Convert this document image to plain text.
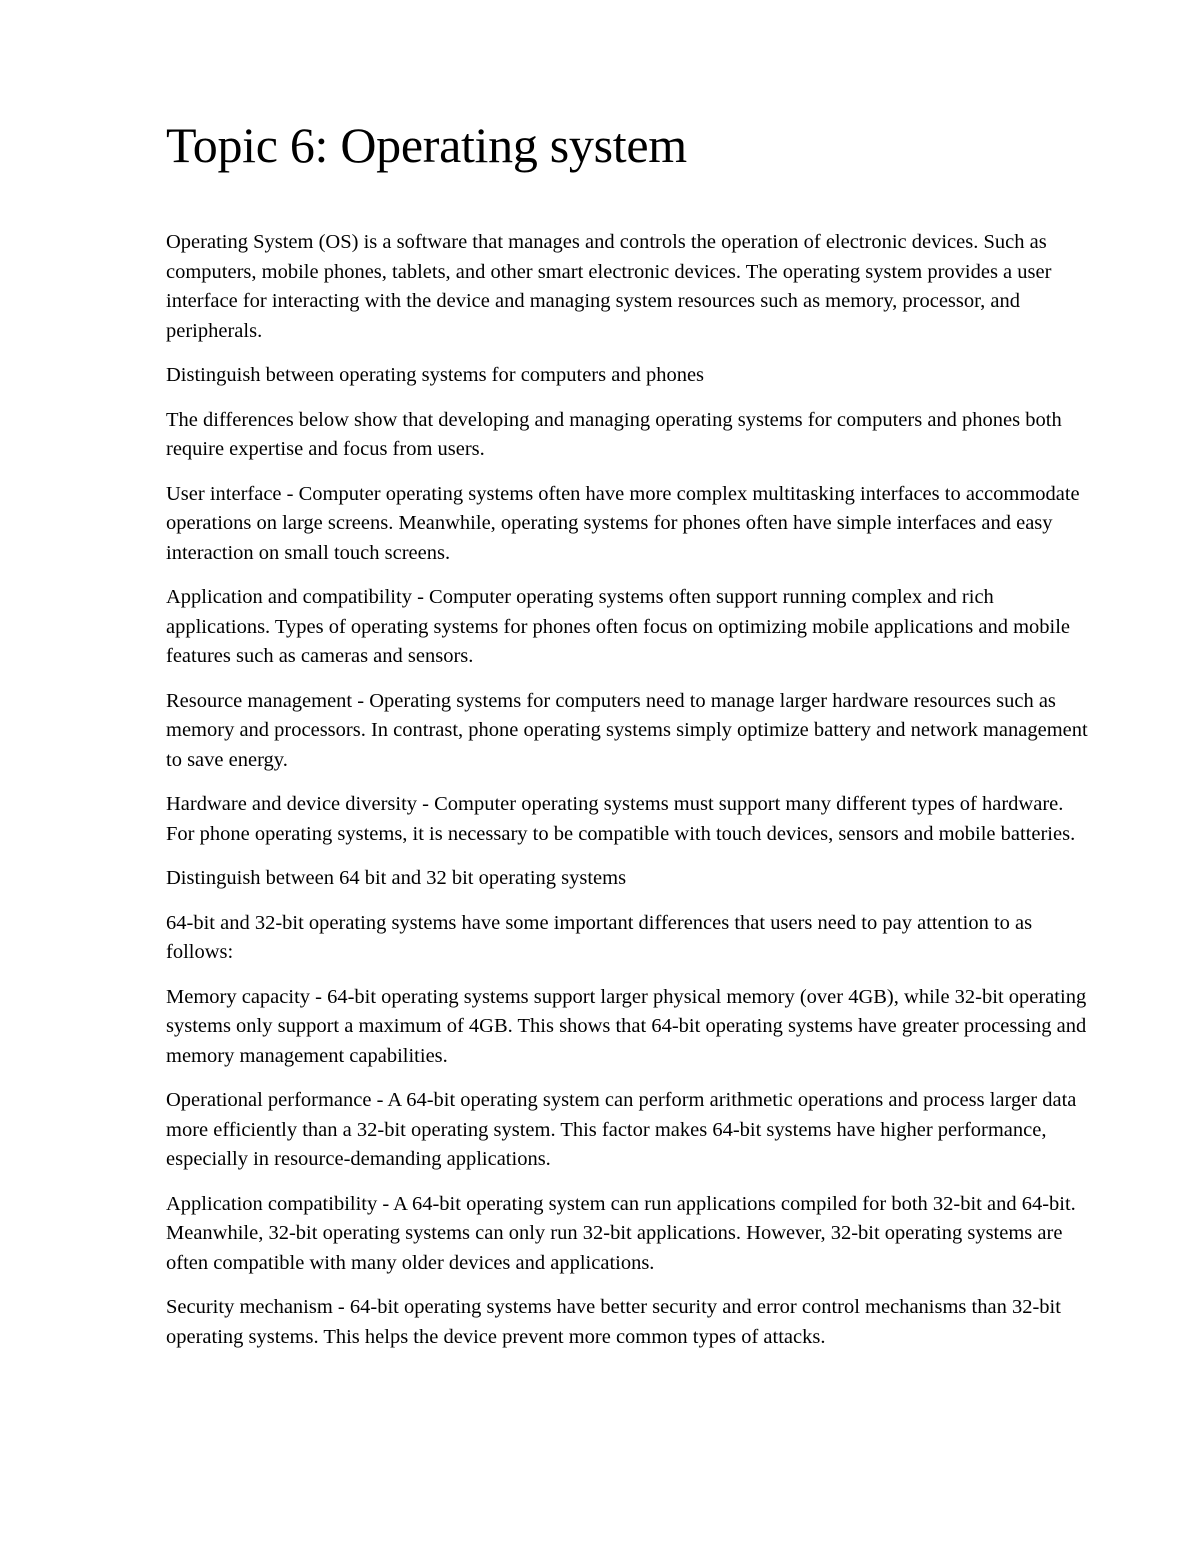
Topic 6: Operating system

Operating System (OS) is a software that manages and controls the operation of electronic devices. Such as computers, mobile phones, tablets, and other smart electronic devices. The operating system provides a user interface for interacting with the device and managing system resources such as memory, processor, and peripherals.

Distinguish between operating systems for computers and phones

The differences below show that developing and managing operating systems for computers and phones both require expertise and focus from users.

User interface - Computer operating systems often have more complex multitasking interfaces to accommodate operations on large screens. Meanwhile, operating systems for phones often have simple interfaces and easy interaction on small touch screens.

Application and compatibility - Computer operating systems often support running complex and rich applications. Types of operating systems for phones often focus on optimizing mobile applications and mobile features such as cameras and sensors.

Resource management - Operating systems for computers need to manage larger hardware resources such as memory and processors. In contrast, phone operating systems simply optimize battery and network management to save energy.

Hardware and device diversity - Computer operating systems must support many different types of hardware. For phone operating systems, it is necessary to be compatible with touch devices, sensors and mobile batteries.

Distinguish between 64 bit and 32 bit operating systems

64-bit and 32-bit operating systems have some important differences that users need to pay attention to as follows:

Memory capacity - 64-bit operating systems support larger physical memory (over 4GB), while 32-bit operating systems only support a maximum of 4GB. This shows that 64-bit operating systems have greater processing and memory management capabilities.

Operational performance - A 64-bit operating system can perform arithmetic operations and process larger data more efficiently than a 32-bit operating system. This factor makes 64-bit systems have higher performance, especially in resource-demanding applications.

Application compatibility - A 64-bit operating system can run applications compiled for both 32-bit and 64-bit. Meanwhile, 32-bit operating systems can only run 32-bit applications. However, 32-bit operating systems are often compatible with many older devices and applications.

Security mechanism - 64-bit operating systems have better security and error control mechanisms than 32-bit operating systems. This helps the device prevent more common types of attacks.
